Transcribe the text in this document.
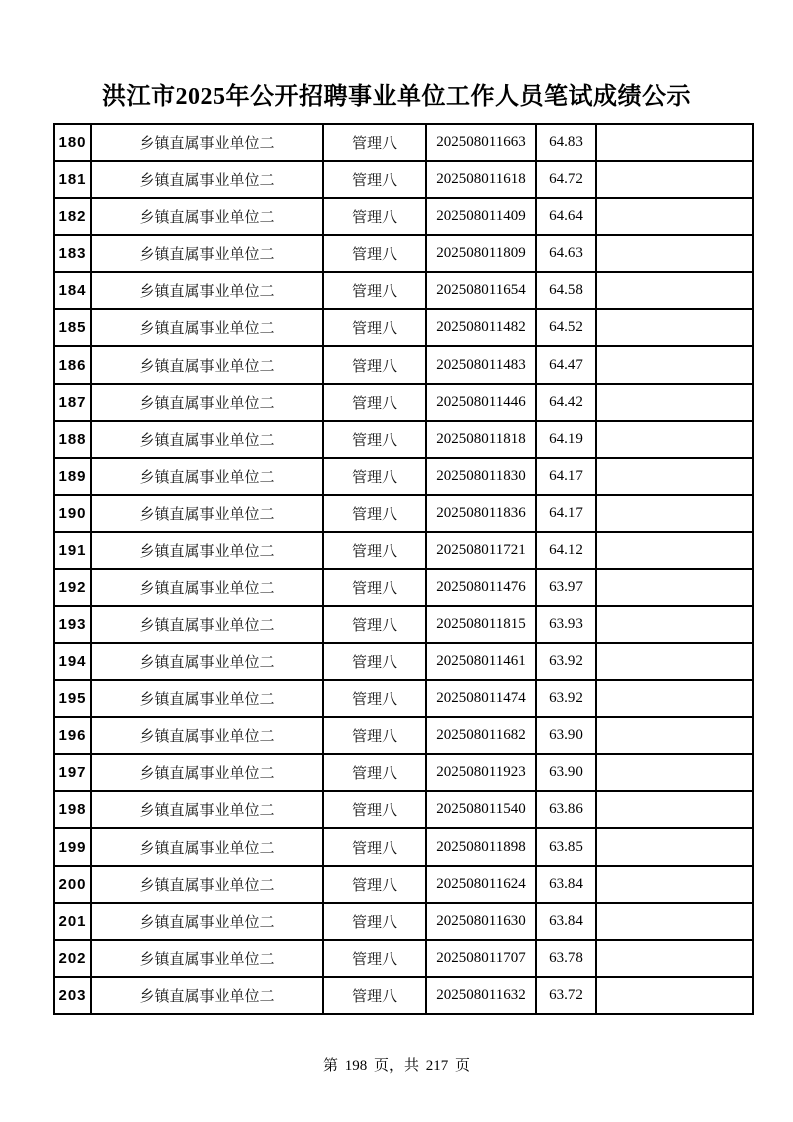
洪江市2025年公开招聘事业单位工作人员笔试成绩公示
180	乡镇直属事业单位二	管理八	202508011663	64.83	
181	乡镇直属事业单位二	管理八	202508011618	64.72	
182	乡镇直属事业单位二	管理八	202508011409	64.64	
183	乡镇直属事业单位二	管理八	202508011809	64.63	
184	乡镇直属事业单位二	管理八	202508011654	64.58	
185	乡镇直属事业单位二	管理八	202508011482	64.52	
186	乡镇直属事业单位二	管理八	202508011483	64.47	
187	乡镇直属事业单位二	管理八	202508011446	64.42	
188	乡镇直属事业单位二	管理八	202508011818	64.19	
189	乡镇直属事业单位二	管理八	202508011830	64.17	
190	乡镇直属事业单位二	管理八	202508011836	64.17	
191	乡镇直属事业单位二	管理八	202508011721	64.12	
192	乡镇直属事业单位二	管理八	202508011476	63.97	
193	乡镇直属事业单位二	管理八	202508011815	63.93	
194	乡镇直属事业单位二	管理八	202508011461	63.92	
195	乡镇直属事业单位二	管理八	202508011474	63.92	
196	乡镇直属事业单位二	管理八	202508011682	63.90	
197	乡镇直属事业单位二	管理八	202508011923	63.90	
198	乡镇直属事业单位二	管理八	202508011540	63.86	
199	乡镇直属事业单位二	管理八	202508011898	63.85	
200	乡镇直属事业单位二	管理八	202508011624	63.84	
201	乡镇直属事业单位二	管理八	202508011630	63.84	
202	乡镇直属事业单位二	管理八	202508011707	63.78	
203	乡镇直属事业单位二	管理八	202508011632	63.72	
第 198 页，共 217 页
